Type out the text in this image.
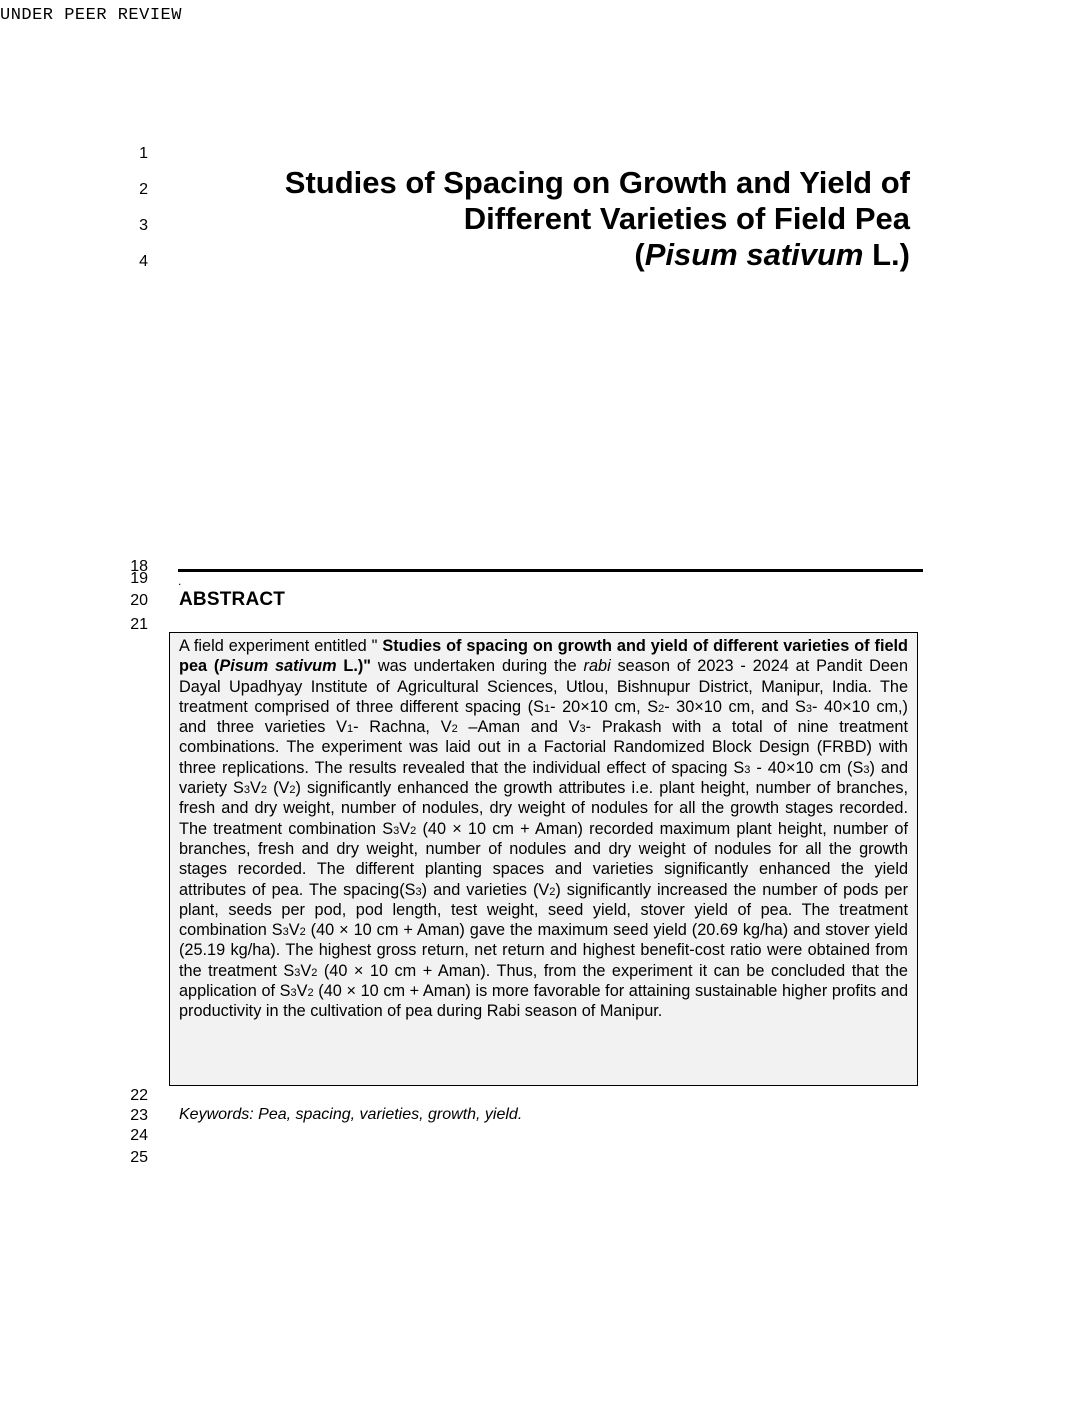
UNDER PEER REVIEW
1
2
3
4
18
19
20
21
22
23
24
25
Studies of Spacing on Growth and Yield of
Different Varieties of Field Pea
(Pisum sativum L.)
.
ABSTRACT
A field experiment entitled " Studies of spacing on growth and yield of different varieties of field pea (Pisum sativum L.)" was undertaken during the rabi season of 2023 - 2024 at Pandit Deen Dayal Upadhyay Institute of Agricultural Sciences, Utlou, Bishnupur District, Manipur, India. The treatment comprised of three different spacing (S1- 20×10 cm, S2- 30×10 cm, and S3- 40×10 cm,) and three varieties V1- Rachna, V2 –Aman and V3- Prakash with a total of nine treatment combinations. The experiment was laid out in a Factorial Randomized Block Design (FRBD) with three replications. The results revealed that the individual effect of spacing S3 - 40×10 cm (S3) and variety S3V2 (V2) significantly enhanced the growth attributes i.e. plant height, number of branches, fresh and dry weight, number of nodules, dry weight of nodules for all the growth stages recorded. The treatment combination S3V2 (40 × 10 cm + Aman) recorded maximum plant height, number of branches, fresh and dry weight, number of nodules and dry weight of nodules for all the growth stages recorded. The different planting spaces and varieties significantly enhanced the yield attributes of pea. The spacing(S3) and varieties (V2) significantly increased the number of pods per plant, seeds per pod, pod length, test weight, seed yield, stover yield of pea. The treatment combination S3V2 (40 × 10 cm + Aman) gave the maximum seed yield (20.69 kg/ha) and stover yield (25.19 kg/ha). The highest gross return, net return and highest benefit-cost ratio were obtained from the treatment S3V2 (40 × 10 cm + Aman). Thus, from the experiment it can be concluded that the application of S3V2 (40 × 10 cm + Aman) is more favorable for attaining sustainable higher profits and productivity in the cultivation of pea during Rabi season of Manipur.
Keywords: Pea, spacing, varieties, growth, yield.
